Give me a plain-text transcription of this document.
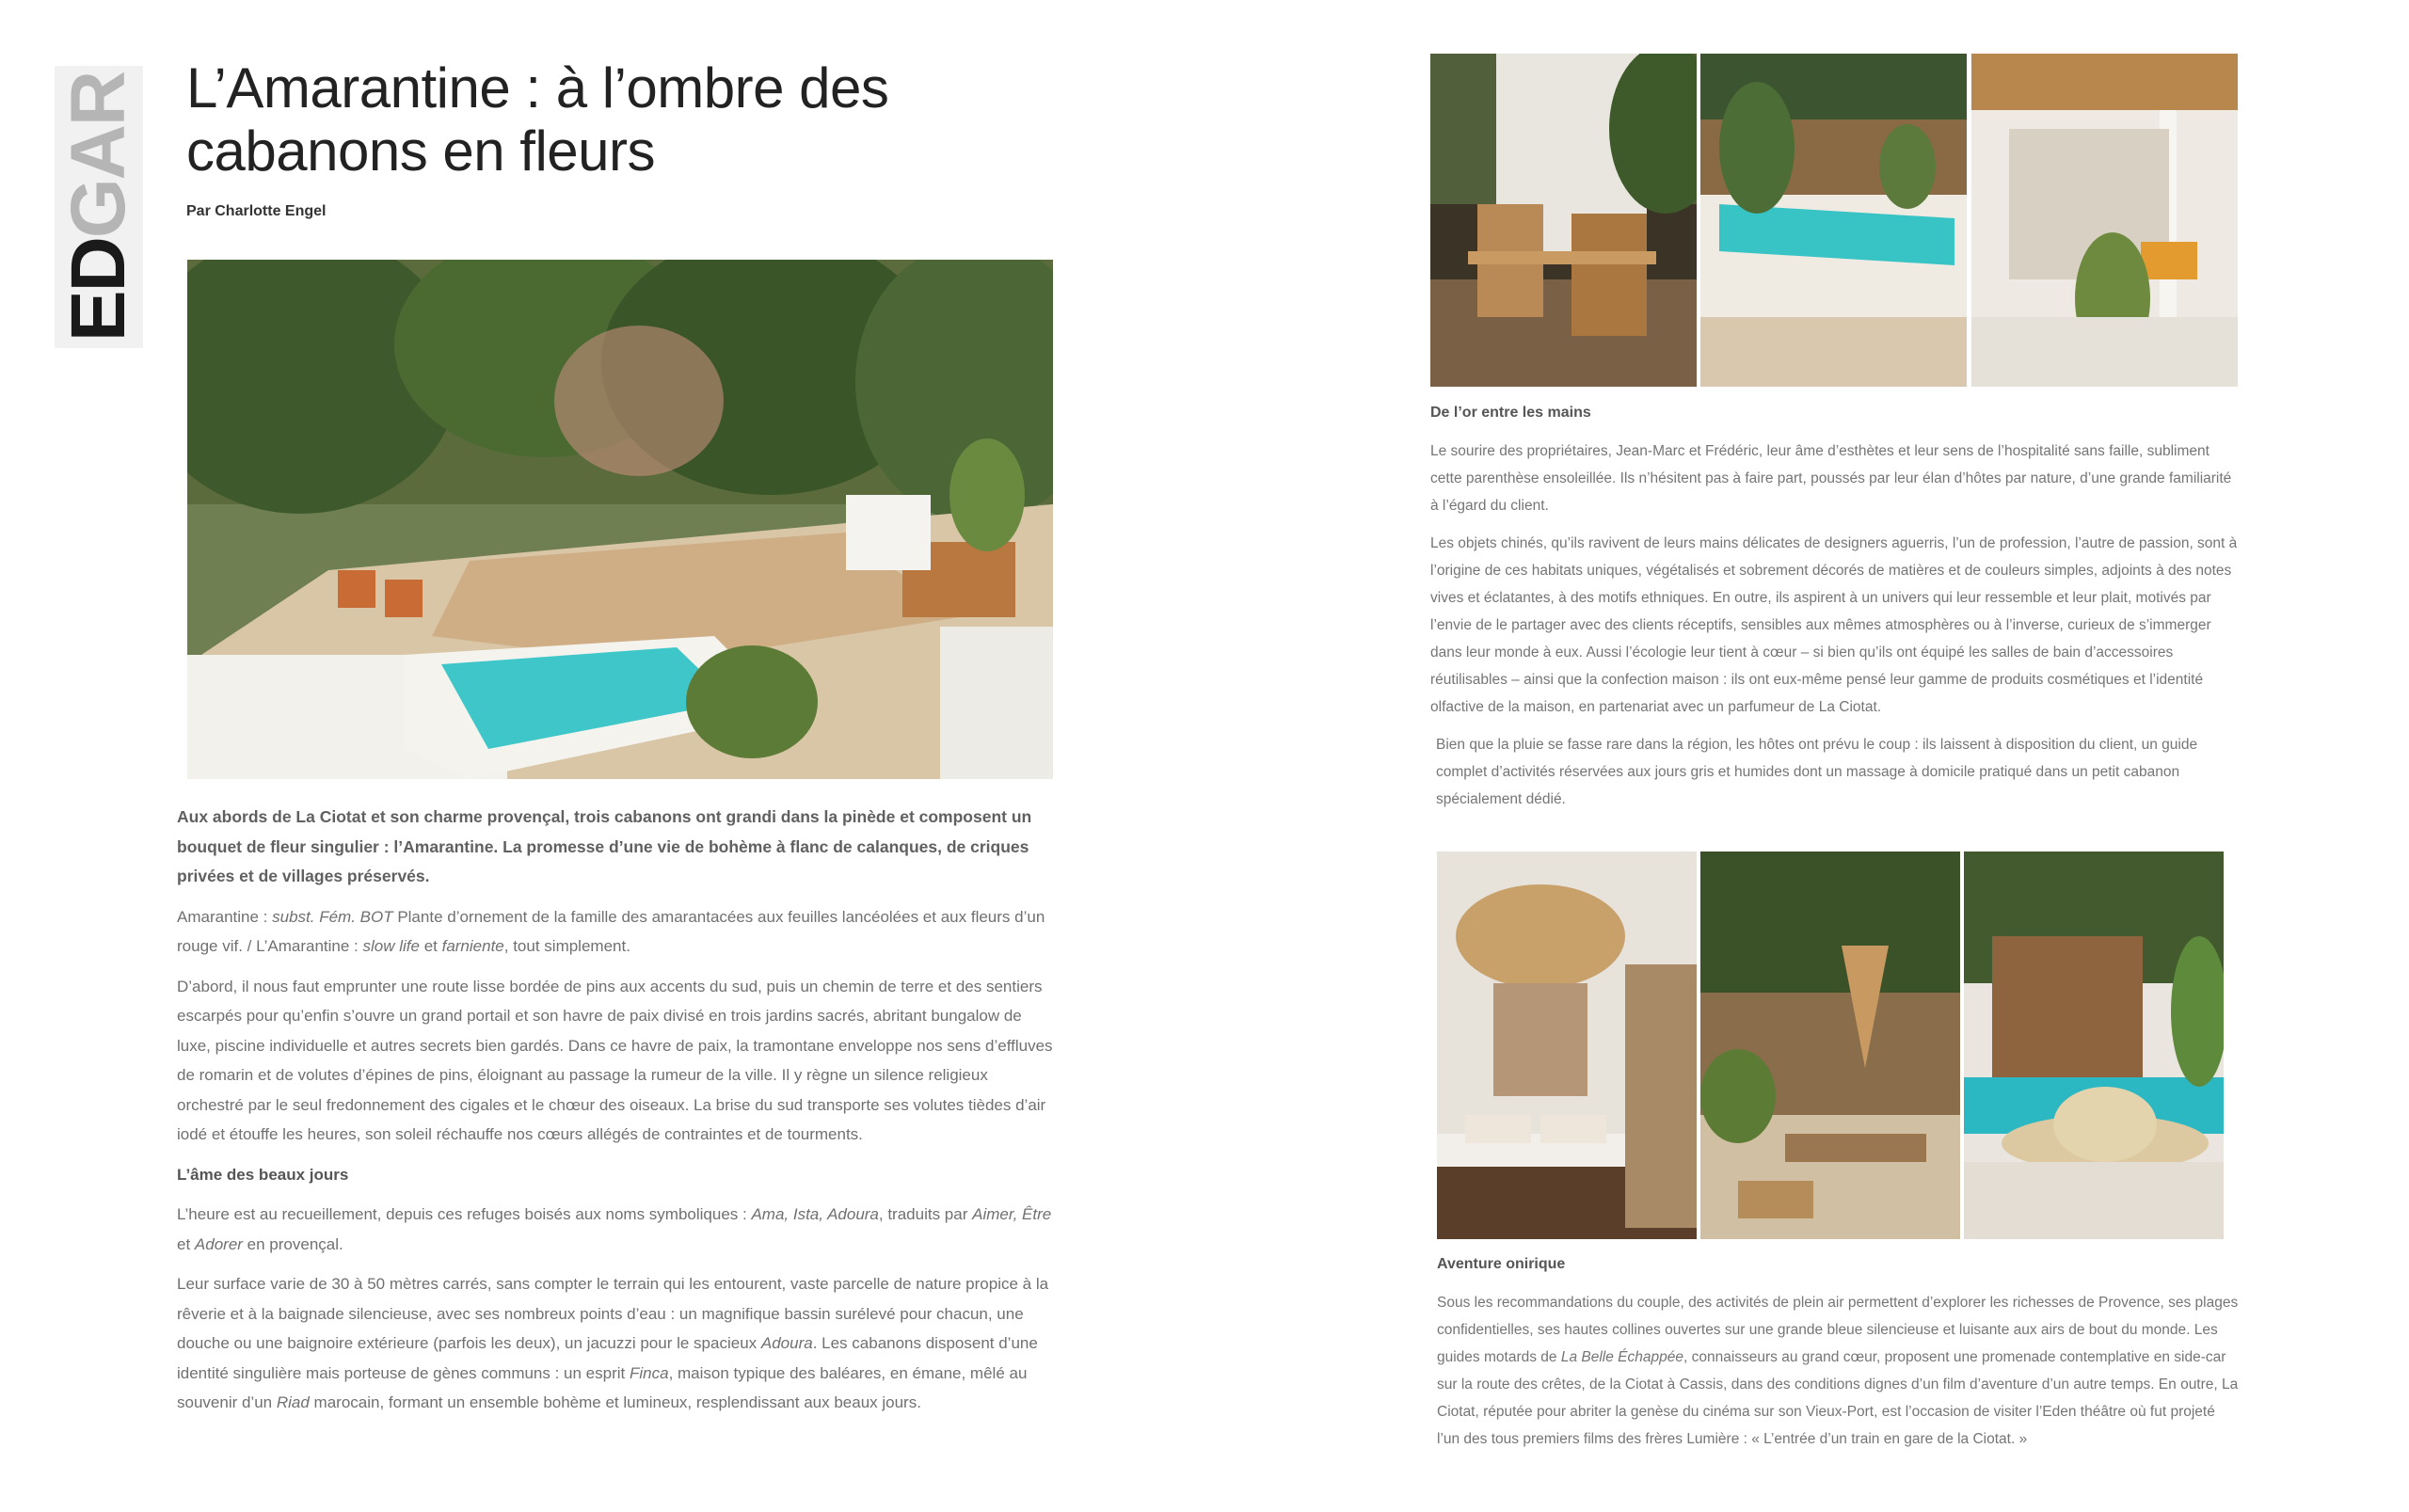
EDGAR L’Amarantine : à l’ombre des cabanons en fleurs
Par Charlotte Engel

Aux abords de La Ciotat et son charme provençal, trois cabanons ont grandi dans la pinède et composent un bouquet de fleur singulier : l’Amarantine. La promesse d’une vie de bohème à flanc de calanques, de criques privées et de villages préservés.

Amarantine : subst. Fém. BOT Plante d’ornement de la famille des amarantacées aux feuilles lancéolées et aux fleurs d’un rouge vif. / L’Amarantine : slow life et farniente, tout simplement.

D’abord, il nous faut emprunter une route lisse bordée de pins aux accents du sud, puis un chemin de terre et des sentiers escarpés pour qu’enfin s’ouvre un grand portail et son havre de paix divisé en trois jardins sacrés, abritant bungalow de luxe, piscine individuelle et autres secrets bien gardés. Dans ce havre de paix, la tramontane enveloppe nos sens d’effluves de romarin et de volutes d’épines de pins, éloignant au passage la rumeur de la ville. Il y règne un silence religieux orchestré par le seul fredonnement des cigales et le chœur des oiseaux. La brise du sud transporte ses volutes tièdes d’air iodé et étouffe les heures, son soleil réchauffe nos cœurs allégés de contraintes et de tourments.

L’âme des beaux jours

L’heure est au recueillement, depuis ces refuges boisés aux noms symboliques : Ama, Ista, Adoura, traduits par Aimer, Être et Adorer en provençal.

Leur surface varie de 30 à 50 mètres carrés, sans compter le terrain qui les entourent, vaste parcelle de nature propice à la rêverie et à la baignade silencieuse, avec ses nombreux points d’eau : un magnifique bassin surélevé pour chacun, une douche ou une baignoire extérieure (parfois les deux), un jacuzzi pour le spacieux Adoura. Les cabanons disposent d’une identité singulière mais porteuse de gènes communs : un esprit Finca, maison typique des baléares, en émane, mêlé au souvenir d’un Riad marocain, formant un ensemble bohème et lumineux, resplendissant aux beaux jours.

De l’or entre les mains

Le sourire des propriétaires, Jean-Marc et Frédéric, leur âme d’esthètes et leur sens de l’hospitalité sans faille, subliment cette parenthèse ensoleillée. Ils n’hésitent pas à faire part, poussés par leur élan d’hôtes par nature, d’une grande familiarité à l’égard du client.

Les objets chinés, qu’ils ravivent de leurs mains délicates de designers aguerris, l’un de profession, l’autre de passion, sont à l’origine de ces habitats uniques, végétalisés et sobrement décorés de matières et de couleurs simples, adjoints à des notes vives et éclatantes, à des motifs ethniques. En outre, ils aspirent à un univers qui leur ressemble et leur plait, motivés par l’envie de le partager avec des clients réceptifs, sensibles aux mêmes atmosphères ou à l’inverse, curieux de s’immerger dans leur monde à eux. Aussi l’écologie leur tient à cœur – si bien qu’ils ont équipé les salles de bain d’accessoires réutilisables – ainsi que la confection maison : ils ont eux-même pensé leur gamme de produits cosmétiques et l’identité olfactive de la maison, en partenariat avec un parfumeur de La Ciotat.

Bien que la pluie se fasse rare dans la région, les hôtes ont prévu le coup : ils laissent à disposition du client, un guide complet d’activités réservées aux jours gris et humides dont un massage à domicile pratiqué dans un petit cabanon spécialement dédié.

Aventure onirique

Sous les recommandations du couple, des activités de plein air permettent d’explorer les richesses de Provence, ses plages confidentielles, ses hautes collines ouvertes sur une grande bleue silencieuse et luisante aux airs de bout du monde. Les guides motards de La Belle Échappée, connaisseurs au grand cœur, proposent une promenade contemplative en side-car sur la route des crêtes, de la Ciotat à Cassis, dans des conditions dignes d’un film d’aventure d’un autre temps. En outre, La Ciotat, réputée pour abriter la genèse du cinéma sur son Vieux-Port, est l’occasion de visiter l’Eden théâtre où fut projeté l’un des tous premiers films des frères Lumière : « L’entrée d’un train en gare de la Ciotat. »
